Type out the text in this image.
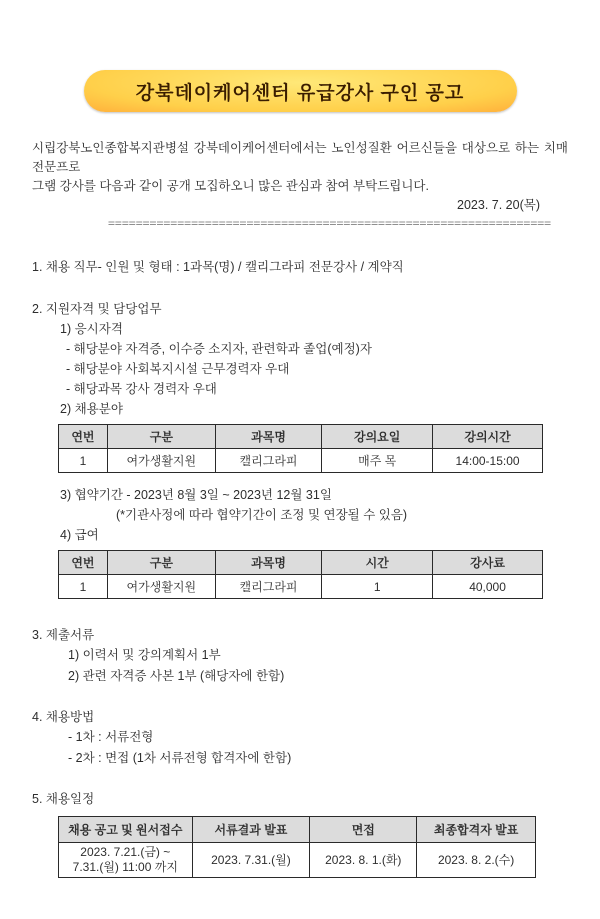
강북데이케어센터 유급강사 구인 공고

시립강북노인종합복지관병설 강북데이케어센터에서는 노인성질환 어르신들을 대상으로 하는 치매 전문프로

그램 강사를 다음과 같이 공개 모집하오니 많은 관심과 참여 부탁드립니다.

2023. 7. 20(목)
================================================================
1. 채용 직무- 인원 및 형태 : 1과목(명) / 캘리그라피 전문강사 / 계약직
2. 지원자격 및 담당업무
1) 응시자격
- 해당분야 자격증, 이수증 소지자, 관련학과 졸업(예정)자
- 해당분야 사회복지시설 근무경력자 우대
- 해당과목 강사 경력자 우대
2) 채용분야
연번	구분	과목명	강의요일	강의시간
1	여가생활지원	캘리그라피	매주 목	14:00-15:00
3) 협약기간 - 2023년 8월 3일 ~ 2023년 12월 31일
(*기관사정에 따라 협약기간이 조정 및 연장될 수 있음)
4) 급여
연번	구분	과목명	시간	강사료
1	여가생활지원	캘리그라피	1	40,000
3. 제출서류
1) 이력서 및 강의계획서 1부
2) 관련 자격증 사본 1부 (해당자에 한함)
4. 채용방법
- 1차 : 서류전형
- 2차 : 면접 (1차 서류전형 합격자에 한함)
5. 채용일정
채용 공고 및 원서접수	서류결과 발표	면접	최종합격자 발표
2023. 7.21.(금) ~
7.31.(월) 11:00 까지	2023. 7.31.(월)	2023. 8. 1.(화)	2023. 8. 2.(수)
